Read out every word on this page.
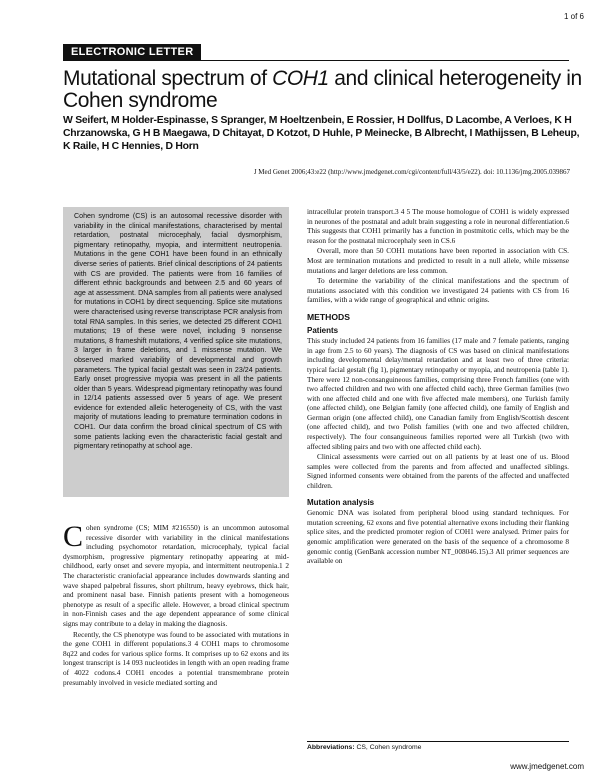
1 of 6
ELECTRONIC LETTER
Mutational spectrum of COH1 and clinical heterogeneity in Cohen syndrome
W Seifert, M Holder-Espinasse, S Spranger, M Hoeltzenbein, E Rossier, H Dollfus, D Lacombe, A Verloes, K H Chrzanowska, G H B Maegawa, D Chitayat, D Kotzot, D Huhle, P Meinecke, B Albrecht, I Mathijssen, B Leheup, K Raile, H C Hennies, D Horn
J Med Genet 2006;43:e22 (http://www.jmedgenet.com/cgi/content/full/43/5/e22). doi: 10.1136/jmg.2005.039867
Cohen syndrome (CS) is an autosomal recessive disorder with variability in the clinical manifestations, characterised by mental retardation, postnatal microcephaly, facial dysmorphism, pigmentary retinopathy, myopia, and intermittent neutropenia. Mutations in the gene COH1 have been found in an ethnically diverse series of patients. Brief clinical descriptions of 24 patients with CS are provided. The patients were from 16 families of different ethnic backgrounds and between 2.5 and 60 years of age at assessment. DNA samples from all patients were analysed for mutations in COH1 by direct sequencing. Splice site mutations were characterised using reverse transcriptase PCR analysis from total RNA samples. In this series, we detected 25 different COH1 mutations; 19 of these were novel, including 9 nonsense mutations, 8 frameshift mutations, 4 verified splice site mutations, 3 larger in frame deletions, and 1 missense mutation. We observed marked variability of developmental and growth parameters. The typical facial gestalt was seen in 23/24 patients. Early onset progressive myopia was present in all the patients older than 5 years. Widespread pigmentary retinopathy was found in 12/14 patients assessed over 5 years of age. We present evidence for extended allelic heterogeneity of CS, with the vast majority of mutations leading to premature termination codons in COH1. Our data confirm the broad clinical spectrum of CS with some patients lacking even the characteristic facial gestalt and pigmentary retinopathy at school age.

Cohen syndrome (CS; MIM #216550) is an uncommon autosomal recessive disorder with variability in the clinical manifestations including psychomotor retardation, microcephaly, typical facial dysmorphism, progressive pigmentary retinopathy appearing at mid-childhood, early onset and severe myopia, and intermittent neutropenia.1 2 The characteristic craniofacial appearance includes downwards slanting and wave shaped palpebral fissures, short philtrum, heavy eyebrows, thick hair, and prominent nasal base. Finnish patients present with a homogeneous phenotype as result of a specific allele. However, a broad clinical spectrum in non-Finnish cases and the age dependent appearance of some clinical signs may contribute to a delay in making the diagnosis.

Recently, the CS phenotype was found to be associated with mutations in the gene COH1 in different populations.3 4 COH1 maps to chromosome 8q22 and codes for various splice forms. It comprises up to 62 exons and its longest transcript is 14 093 nucleotides in length with an open reading frame of 4022 codons.4 COH1 encodes a potential transmembrane protein presumably involved in vesicle mediated sorting and

intracellular protein transport.3 4 5 The mouse homologue of COH1 is widely expressed in neurones of the postnatal and adult brain suggesting a role in neuronal differentiation.6 This suggests that COH1 primarily has a function in postmitotic cells, which may be the reason for the postnatal microcephaly seen in CS.6

Overall, more than 50 COH1 mutations have been reported in association with CS. Most are termination mutations and predicted to result in a null allele, while missense mutations and larger deletions are less common.

To determine the variability of the clinical manifestations and the spectrum of mutations associated with this condition we investigated 24 patients with CS from 16 families, with a wide range of geographical and ethnic origins.

METHODS
Patients

This study included 24 patients from 16 families (17 male and 7 female patients, ranging in age from 2.5 to 60 years). The diagnosis of CS was based on clinical manifestations including developmental delay/mental retardation and at least two of three criteria: typical facial gestalt (fig 1), pigmentary retinopathy or myopia, and neutropenia (table 1). There were 12 non-consanguineous families, comprising three French families (one with two affected children and two with one affected child each), three German families (two with one affected child and one with five affected male members), one Turkish family (one affected child), one Belgian family (one affected child), one family of English and German origin (one affected child), one Canadian family from English/Scottish descent (one affected child), and two Polish families (with one and two affected children, respectively). The four consanguineous families reported were all Turkish (two with affected sibling pairs and two with one affected child each).

Clinical assessments were carried out on all patients by at least one of us. Blood samples were collected from the parents and from affected and unaffected siblings. Signed informed consents were obtained from the parents of the affected and unaffected children.

Mutation analysis

Genomic DNA was isolated from peripheral blood using standard techniques. For mutation screening, 62 exons and five potential alternative exons including their flanking splice sites, and the predicted promoter region of COH1 were analysed. Primer pairs for genomic amplification were generated on the basis of the sequence of a chromosome 8 genomic contig (GenBank accession number NT_008046.15).3 All primer sequences are available on

Abbreviations: CS, Cohen syndrome
www.jmedgenet.com
